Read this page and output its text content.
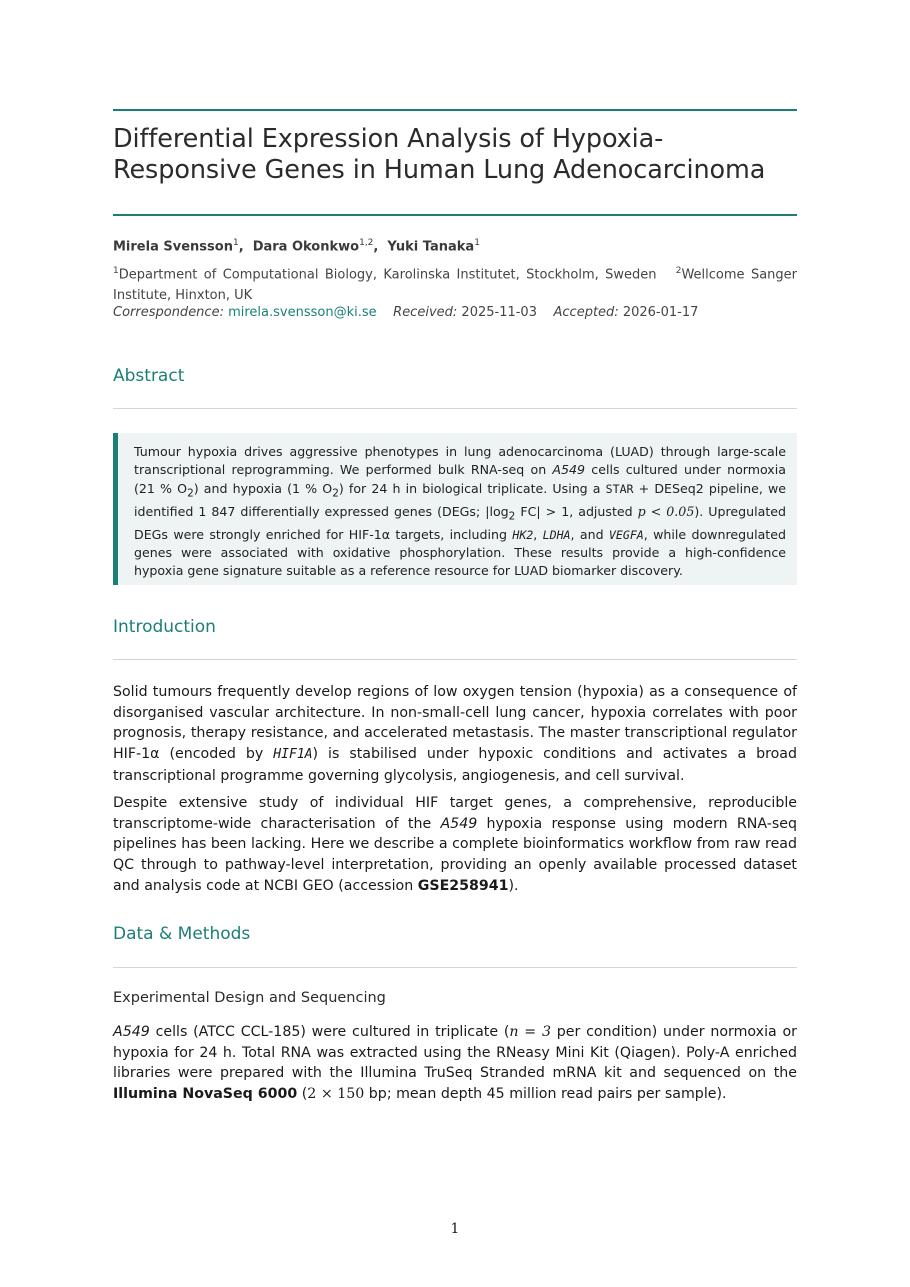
Differential Expression Analysis of Hypoxia-Responsive Genes in Human Lung Adenocarcinoma
Mirela Svensson$^1$,  Dara Okonkwo$^{1,2}$,  Yuki Tanaka$^1$
$^1$Department of Computational Biology, Karolinska Institutet, Stockholm, Sweden $^2$Wellcome Sanger Institute, Hinxton, UK
Correspondence: mirela.svensson@ki.se Received: 2025-11-03 Accepted: 2026-01-17
Abstract
Tumour hypoxia drives aggressive phenotypes in lung adenocarcinoma (LUAD) through large-scale transcriptional reprogramming. We performed bulk RNA-seq on A549 cells cultured under normoxia (21 % $O_2$) and hypoxia (1 % $O_2$) for 24 h in biological triplicate. Using a STAR + DESeq2 pipeline, we identified 1 847 differentially expressed genes (DEGs; $|\log_2$ FC| > 1, adjusted p < 0.05). Upregulated DEGs were strongly enriched for HIF-1α targets, including HK2, LDHA, and VEGFA, while downregulated genes were associated with oxidative phosphorylation. These results provide a high-confidence hypoxia gene signature suitable as a reference resource for LUAD biomarker discovery.
Introduction
Solid tumours frequently develop regions of low oxygen tension (hypoxia) as a consequence of disorganised vascular architecture. In non-small-cell lung cancer, hypoxia correlates with poor prognosis, therapy resistance, and accelerated metastasis. The master transcriptional regulator HIF-1α (encoded by HIF1A) is stabilised under hypoxic conditions and activates a broad transcriptional programme governing glycolysis, angiogenesis, and cell survival.
Despite extensive study of individual HIF target genes, a comprehensive, reproducible transcriptome-wide characterisation of the A549 hypoxia response using modern RNA-seq pipelines has been lacking. Here we describe a complete bioinformatics workflow from raw read QC through to pathway-level interpretation, providing an openly available processed dataset and analysis code at NCBI GEO (accession GSE258941).
Data & Methods
Experimental Design and Sequencing
A549 cells (ATCC CCL-185) were cultured in triplicate (n = 3 per condition) under normoxia or hypoxia for 24 h. Total RNA was extracted using the RNeasy Mini Kit (Qiagen). Poly-A enriched libraries were prepared with the Illumina TruSeq Stranded mRNA kit and sequenced on the Illumina NovaSeq 6000 (2 × 150 bp; mean depth 45 million read pairs per sample).
1
